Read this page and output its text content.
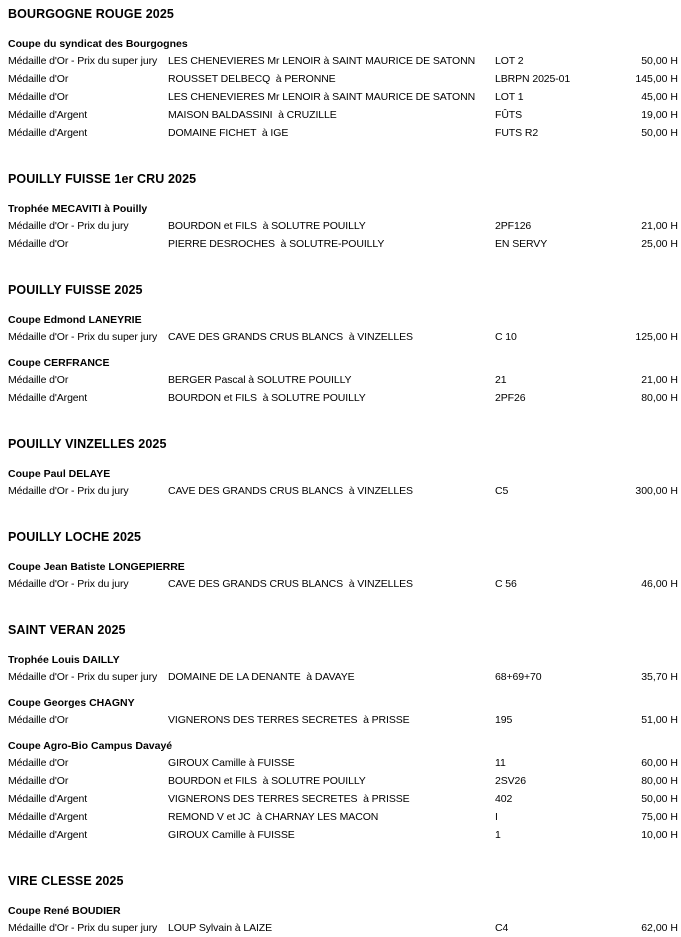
BOURGOGNE ROUGE 2025
Coupe du syndicat des Bourgognes
Médaille d'Or - Prix du super jury	LES CHENEVIERES Mr LENOIR à SAINT MAURICE DE SATONN	LOT 2	50,00 H
Médaille d'Or	ROUSSET DELBECQ  à PERONNE	LBRPN 2025-01	145,00 H
Médaille d'Or	LES CHENEVIERES Mr LENOIR à SAINT MAURICE DE SATONN	LOT 1	45,00 H
Médaille d'Argent	MAISON BALDASSINI  à CRUZILLE	FÛTS	19,00 H
Médaille d'Argent	DOMAINE FICHET  à IGE	FUTS R2	50,00 H
POUILLY FUISSE 1er CRU 2025
Trophée MECAVITI à Pouilly
Médaille d'Or - Prix du jury	BOURDON et FILS  à SOLUTRE POUILLY	2PF126	21,00 H
Médaille d'Or	PIERRE DESROCHES  à SOLUTRE-POUILLY	EN SERVY	25,00 H
POUILLY FUISSE 2025
Coupe Edmond LANEYRIE
Médaille d'Or - Prix du super jury	CAVE DES GRANDS CRUS BLANCS  à VINZELLES	C 10	125,00 H
Coupe CERFRANCE
Médaille d'Or	BERGER Pascal à SOLUTRE POUILLY	21	21,00 H
Médaille d'Argent	BOURDON et FILS  à SOLUTRE POUILLY	2PF26	80,00 H
POUILLY VINZELLES 2025
Coupe Paul DELAYE
Médaille d'Or - Prix du jury	CAVE DES GRANDS CRUS BLANCS  à VINZELLES	C5	300,00 H
POUILLY LOCHE 2025
Coupe Jean Batiste LONGEPIERRE
Médaille d'Or - Prix du jury	CAVE DES GRANDS CRUS BLANCS  à VINZELLES	C 56	46,00 H
SAINT VERAN 2025
Trophée Louis DAILLY
Médaille d'Or - Prix du super jury	DOMAINE DE LA DENANTE  à DAVAYE	68+69+70	35,70 H
Coupe Georges CHAGNY
Médaille d'Or	VIGNERONS DES TERRES SECRETES  à PRISSE	195	51,00 H
Coupe Agro-Bio Campus Davayé
Médaille d'Or	GIROUX Camille à FUISSE	11	60,00 H
Médaille d'Or	BOURDON et FILS  à SOLUTRE POUILLY	2SV26	80,00 H
Médaille d'Argent	VIGNERONS DES TERRES SECRETES  à PRISSE	402	50,00 H
Médaille d'Argent	REMOND V et JC  à CHARNAY LES MACON	I	75,00 H
Médaille d'Argent	GIROUX Camille à FUISSE	1	10,00 H
VIRE CLESSE 2025
Coupe René BOUDIER
Médaille d'Or - Prix du super jury	LOUP Sylvain à LAIZE	C4	62,00 H
